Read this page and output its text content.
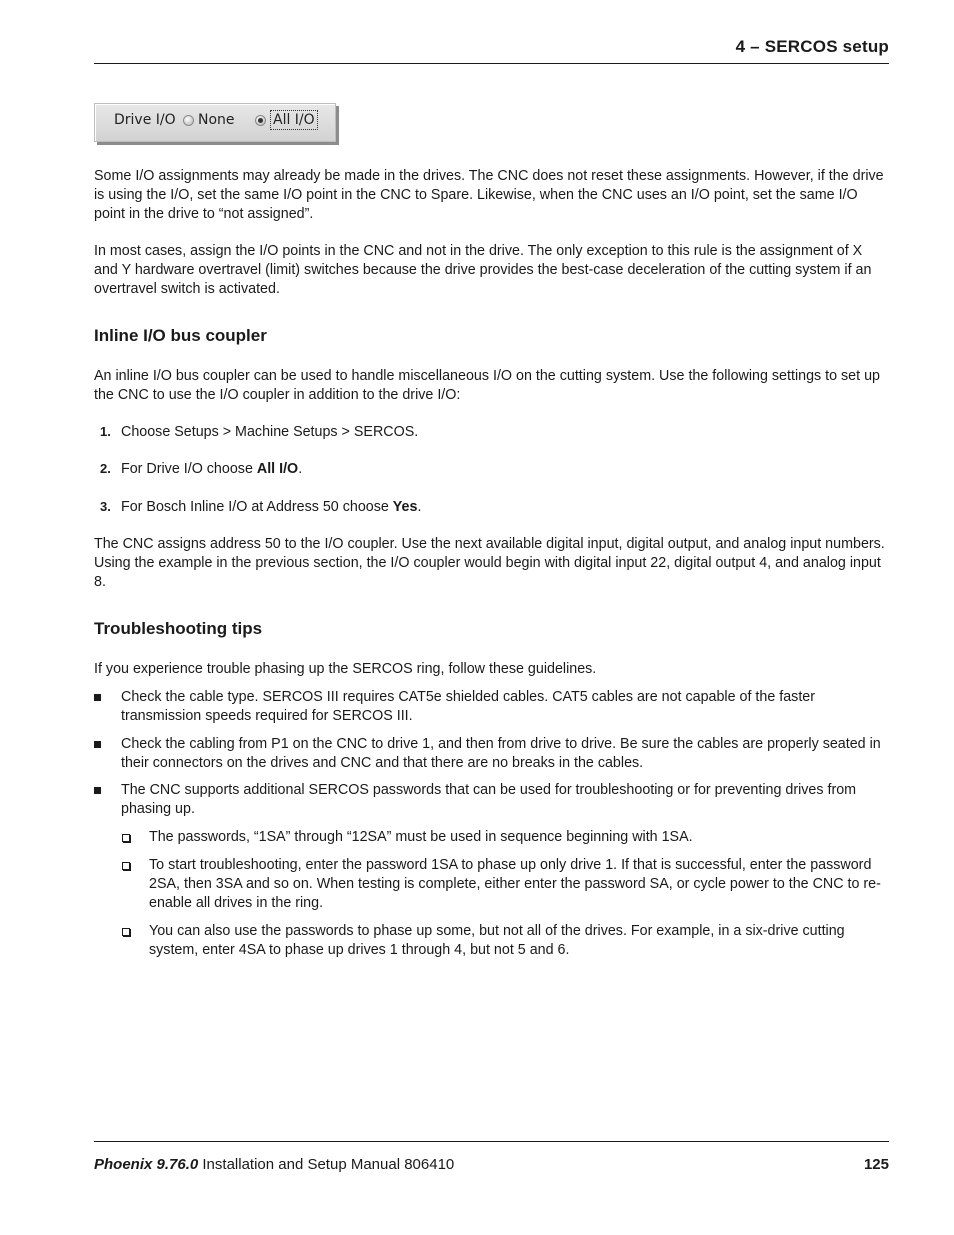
4 – SERCOS setup
Drive I/O None	All I/O

Some I/O assignments may already be made in the drives. The CNC does not reset these assignments. However, if the drive is using the I/O, set the same I/O point in the CNC to Spare. Likewise, when the CNC uses an I/O point, set the same I/O point in the drive to “not assigned”.

In most cases, assign the I/O points in the CNC and not in the drive. The only exception to this rule is the assignment of X and Y hardware overtravel (limit) switches because the drive provides the best-case deceleration of the cutting system if an overtravel switch is activated.

Inline I/O bus coupler

An inline I/O bus coupler can be used to handle miscellaneous I/O on the cutting system. Use the following settings to set up the CNC to use the I/O coupler in addition to the drive I/O:

1. Choose Setups > Machine Setups > SERCOS.
2. For Drive I/O choose All I/O.
3. For Bosch Inline I/O at Address 50 choose Yes.

The CNC assigns address 50 to the I/O coupler. Use the next available digital input, digital output, and analog input numbers. Using the example in the previous section, the I/O coupler would begin with digital input 22, digital output 4, and analog input 8.

Troubleshooting tips

If you experience trouble phasing up the SERCOS ring, follow these guidelines.

Check the cable type. SERCOS III requires CAT5e shielded cables. CAT5 cables are not capable of the faster transmission speeds required for SERCOS III.
Check the cabling from P1 on the CNC to drive 1, and then from drive to drive. Be sure the cables are properly seated in their connectors on the drives and CNC and that there are no breaks in the cables.
The CNC supports additional SERCOS passwords that can be used for troubleshooting or for preventing drives from phasing up.
The passwords, “1SA” through “12SA” must be used in sequence beginning with 1SA.
To start troubleshooting, enter the password 1SA to phase up only drive 1. If that is successful, enter the password 2SA, then 3SA and so on. When testing is complete, either enter the password SA, or cycle power to the CNC to re-enable all drives in the ring.
You can also use the passwords to phase up some, but not all of the drives. For example, in a six-drive cutting system, enter 4SA to phase up drives 1 through 4, but not 5 and 6.
Phoenix 9.76.0 Installation and Setup Manual 806410	125
